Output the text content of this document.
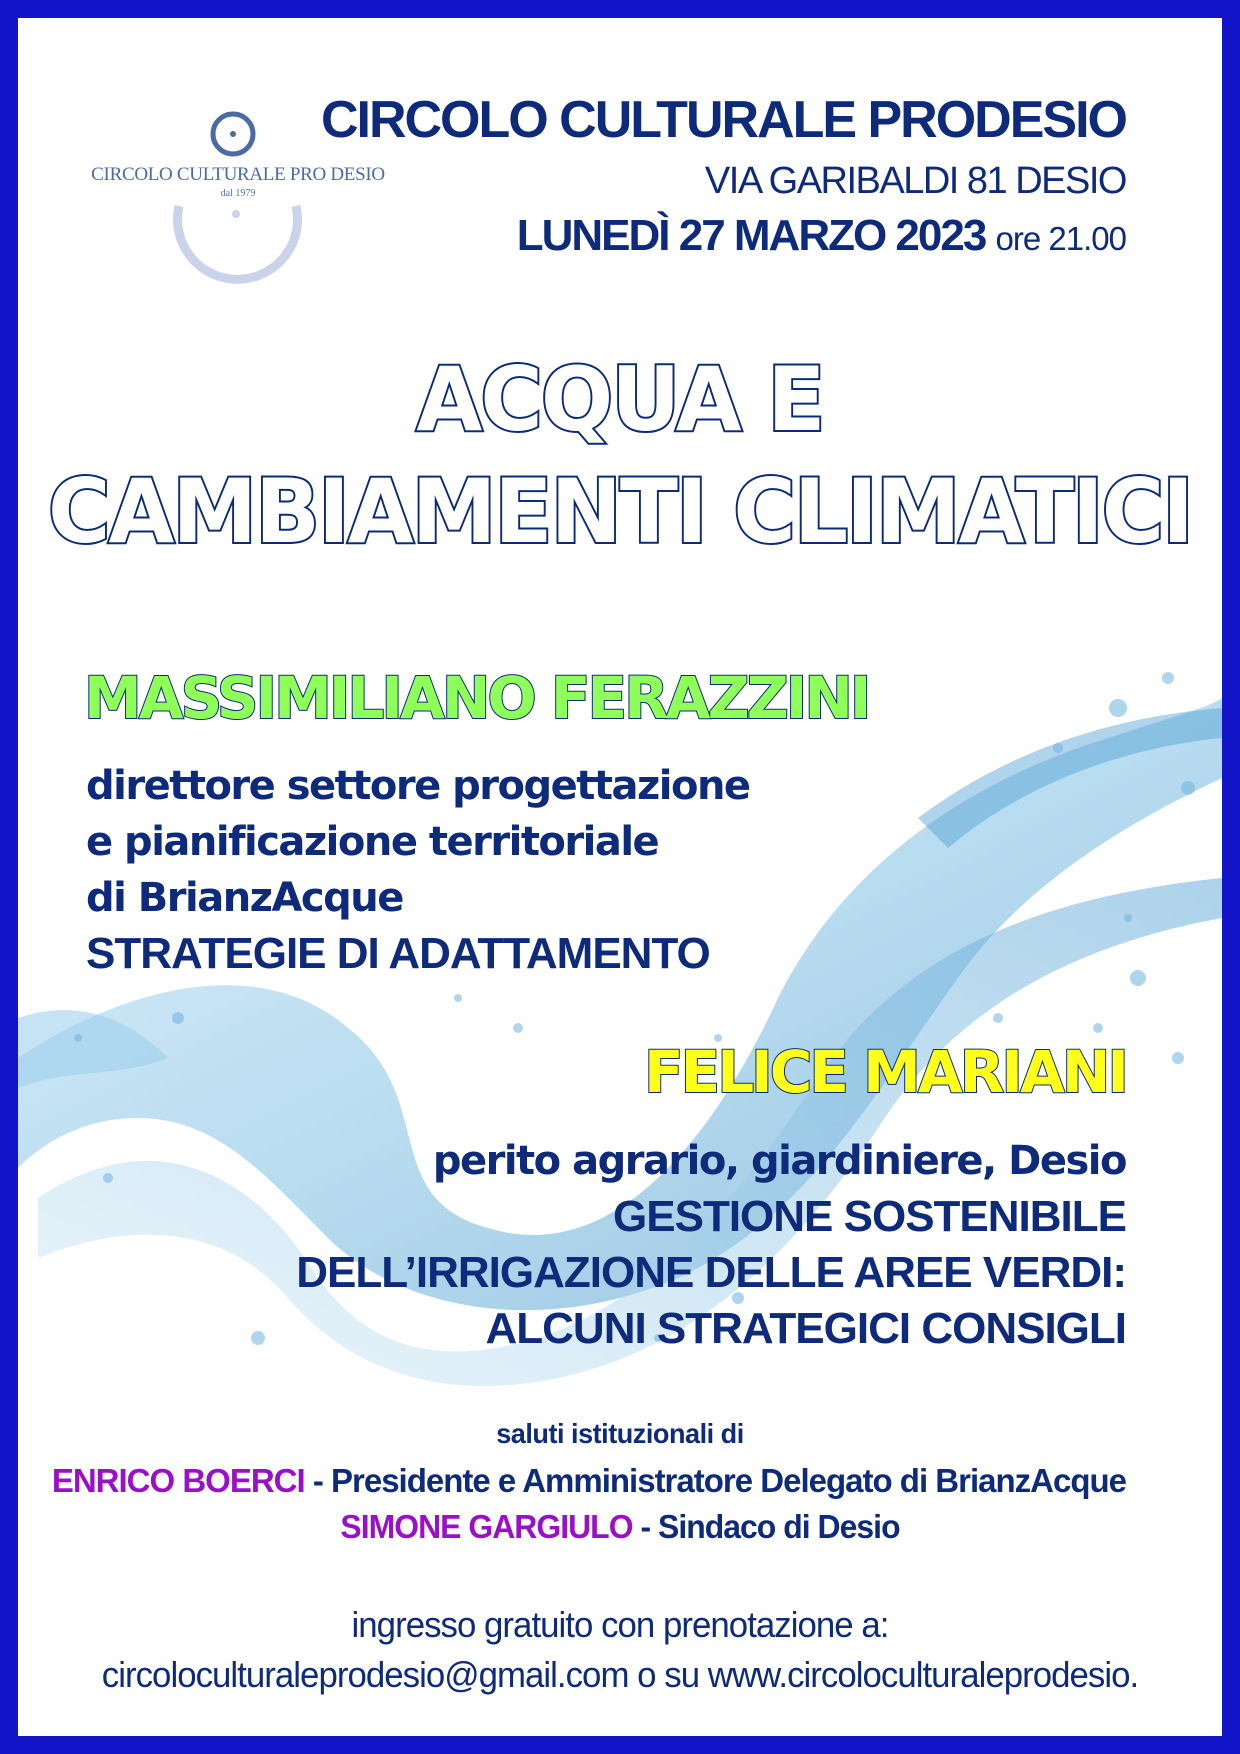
CIRCOLO CULTURALE PRO DESIO
dal 1979
CIRCOLO CULTURALE PRODESIO
VIA GARIBALDI 81 DESIO
LUNEDÌ 27 MARZO 2023 ore 21.00
ACQUA E
CAMBIAMENTI CLIMATICI
MASSIMILIANO FERAZZINI
direttore settore progettazione
e pianificazione territoriale
di BrianzAcque
STRATEGIE DI ADATTAMENTO
FELICE MARIANI
perito agrario, giardiniere, Desio
GESTIONE SOSTENIBILE
DELL’IRRIGAZIONE DELLE AREE VERDI:
ALCUNI STRATEGICI CONSIGLI
saluti istituzionali di
ENRICO BOERCI - Presidente e Amministratore Delegato di BrianzAcque
SIMONE GARGIULO - Sindaco di Desio
ingresso gratuito con prenotazione a:
circoloculturaleprodesio@gmail.com o su www.circoloculturaleprodesio.
